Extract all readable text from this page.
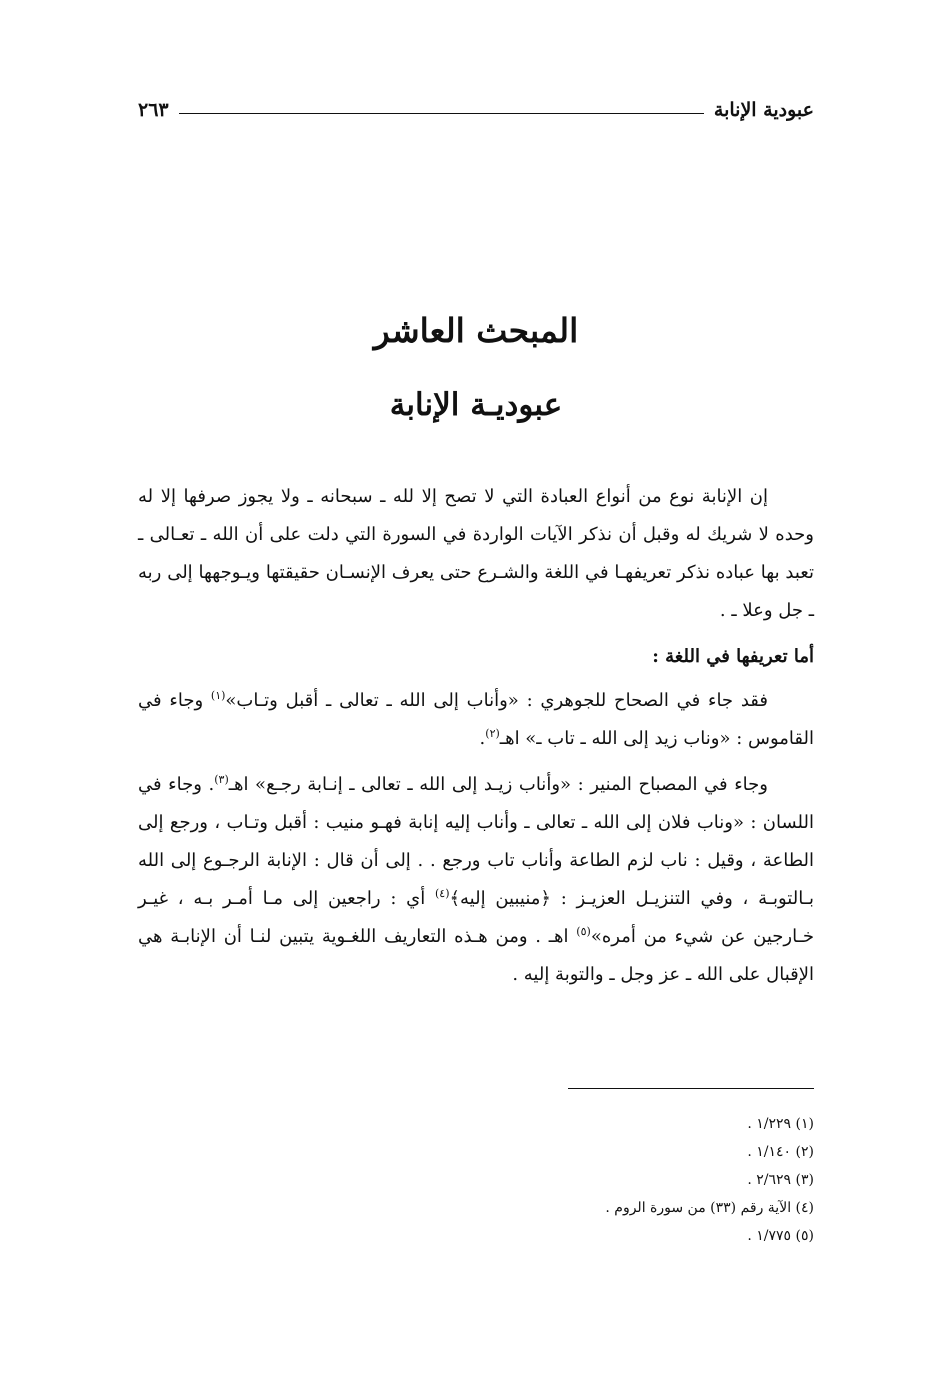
عبودية الإنابة
٢٦٣
المبحث العاشر
عبوديـة الإنابة

إن الإنابة نوع من أنواع العبادة التي لا تصح إلا لله ـ سبحانه ـ ولا يجوز صرفها إلا له وحده لا شريك له وقبل أن نذكر الآيات الواردة في السورة التي دلت على أن الله ـ تعـالى ـ تعبد بها عباده نذكر تعريفهـا في اللغة والشـرع حتى يعرف الإنسـان حقيقتها ويـوجهها إلى ربه ـ جل وعلا ـ .

أما تعريفها في اللغة :

فقد جاء في الصحاح للجوهري : «وأناب إلى الله ـ تعالى ـ أقبل وتـاب»$^{(١)}$ وجاء في القاموس : «وناب زيد إلى الله ـ تاب ـ» اهـ$^{(٢)}$.

وجاء في المصباح المنير : «وأناب زيـد إلى الله ـ تعالى ـ إنـابة رجـع» اهـ$^{(٣)}$. وجاء في اللسان : «وناب فلان إلى الله ـ تعالى ـ وأناب إليه إنابة فهـو منيب : أقبل وتـاب ، ورجع إلى الطاعة ، وقيل : ناب لزم الطاعة وأناب تاب ورجع . . إلى أن قال : الإنابة الرجـوع إلى الله بـالتوبـة ، وفي التنزيـل العزيـز : ﴿منيبين إليه﴾$^{(٤)}$ أي : راجعين إلى مـا أمـر بـه ، غيـر خـارجين عن شيء من أمره»$^{(٥)}$ اهـ . ومن هـذه التعاريف اللغـوية يتبين لنـا أن الإنابـة هي الإقبال على الله ـ عز وجل ـ والتوبة إليه .

(١) ١/٢٢٩ .
(٢) ١/١٤٠ .
(٣) ٢/٦٢٩ .
(٤) الآية رقم (٣٣) من سورة الروم .
(٥) ١/٧٧٥ .
